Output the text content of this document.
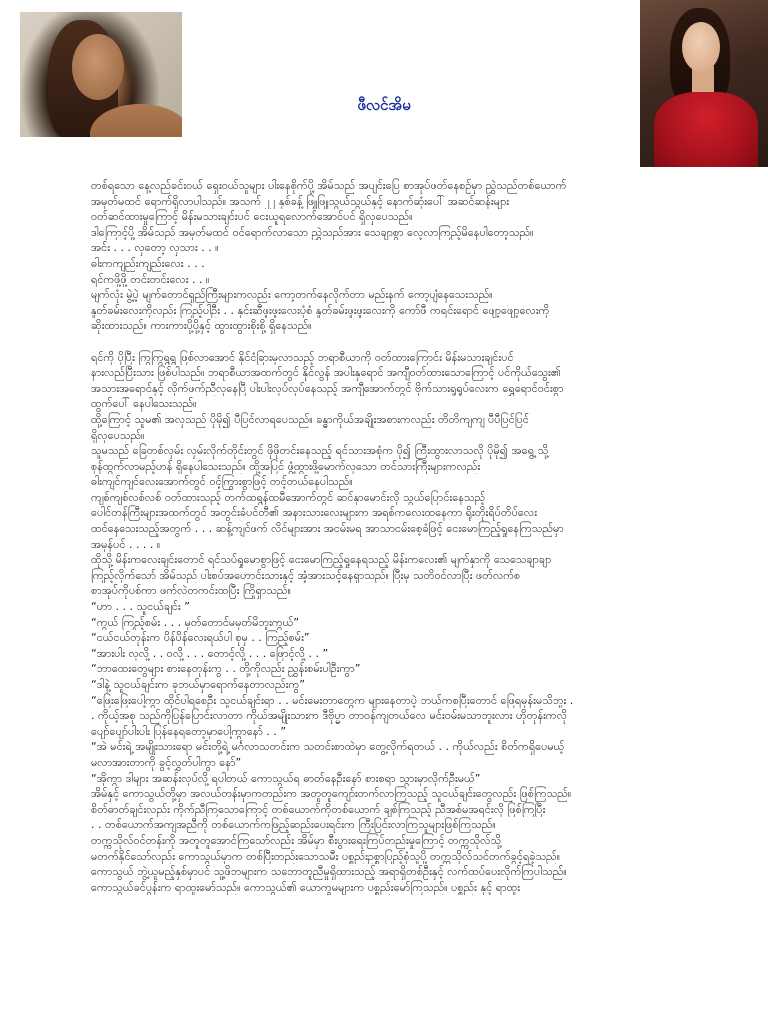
ဖီလင်အိမ
တစ်ရသော နေ့လည်ခင်းဝယ် ရှေးဝယ်သူများ ပါးနေစိုက်ပို့ အိမ်သည် အပျင်းပြေ စာအုပ်ဖတ်နေစဉ်မှာ ညွှဲသည်တစ်ယောက်
အမှတ်မထင် ရောက်ရှိလာပါသည်။ အသက် ၂၂ နှစ်ခန့် ဖြူဖြူသွယ်သွယ်နှင့် နောက်ဆုံးပေါ် အဆင်ဆန်းများ
ဝတ်ဆင်ထားမှုကြောင့် မိန်းမသားချင်းပင် ငေးယူရလောက်အောင်ပင် ရှိလှပေသည်။
ဒါကြောင့်ပို့ အိမ်သည် အမှတ်မထင် ဝင်ရောက်လာသော ညွှဲသည်အား သေချာစွာ လေ့လာကြည့်မိနေပါတော့သည်။
အင်း . . . လှတော့ လှသား . . ။
ဓါးကကျည်းကျည်းလေး . . .
ရင်ကဖို့ဖို့ တင်းတင်းလေး . . ။
မျက်လုံး မွဲ့ပဲ့ မျက်တောင်ရှည်ကြီးများကလည်း ကော့တက်နေလိုက်တာ မည်းနက် ကော့ပျံနေသေးသည်။
နှုတ်ခမ်းလေးကိုလည်း ကြည့်ပါဦး . . နှင်းဆီဖူးဖူးလေးပုံစံ နှုတ်ခမ်းဖူးဖူးလေးကို ကော်ဖီ ကရင်းရောင် ဖျော့ဖျော့လေးကို
ဆိုးထားသည်။ ကားကားပို့ပို့နှင့် ထွားထွားစိုးစို့ ရှိနေသည်။
ရင်ကို ပိုပြီး ကြွကြွရွရွ ဖြစ်လာအောင် နိုင်ငံခြားမှလာသည့် ဘရာစီယာကို ဝတ်ထားကြောင်း မိန်းမသားချင်းပင်
နားလည်ပြီးသား ဖြစ်ပါသည်။ ဘရာစီယာအထက်တွင် နိုင်လွန် အပါးနှရောင် အကျီဝတ်ထားသောကြောင့် ပင်ကိုယ်သွေး၏
အသားအရောင်နှင့် လိုက်ဖက်ညီလှနေပြီ ပါးပါးလုပ်လုပ်နေသည့် အကျီအောက်တွင် ဗိုက်သားရှုရှုပ်လေးက ရွှေရောင်ဝင်းစွာ
ထွက်ပေါ် နေပါသေးသည်။
ထို့ကြောင့် သူမ၏ အလှသည် ပိုမို၍ ပီပြင်လာရပေသည်။ ခန္ဓာကိုယ်အချိုးအစားကလည်း တိတိကျကျ ပီပီပြင်ပြင်
ရှိလှပေသည်။
သူမသည် ခြေတစ်လှမ်း လှမ်းလိုက်တိုင်းတွင် ဖိုဖိုတင်းနေသည့် ရင်သားအစုံက ပို၍ ကြီးထွားလာသလို ပိုမို၍ အရွေ့ သို့
စုန်ထွက်လာမည့်ဟန် ရှိနေပါသေးသည်။ ထို့အပြင် ဖွံ့ထွားဖို့မောက်လှသော တင်သားကြီးများကလည်း
ဓါးကျင်ကျင်လေးအောက်တွင် ဝင့်ကြွားစွာဖြင့် တင့်တယ်နေပါသည်။
ကျစ်ကျစ်လစ်လစ် ဝတ်ထားသည့် တက်ထရွန်ထမီအောက်တွင် ဆင်နှာမောင်းလို သွယ်ပြောင်းနေသည့်
ပေါင်တန်ကြီးများအထက်တွင် အတွင်းခံပင်တီ၏ အနားသားလေးများက အရစ်ကလေးထနေကာ ရိုးတိုးရိပ်တိပ်လေး
ထင်နေသေးသည့်အတွက် . . . ဆန့်ကျင်ဖက် လိင်များအား အငမ်းမရ အာသာငမ်းစေ့ခံဖြင့် ငေးမောကြည့်ရှုနေကြသည်မှာ
အမှန်ပင် . . . . ။
ထိုသို့ မိန်းကလေးချင်းတောင် ရင်သပ်ရှုမောစွာဖြင့် ငေးမောကြည့်ရှုနေရသည့် မိန်းကလေး၏ မျက်နှာကို သေသေချာချာ
ကြည့်လိုက်သော် အိမ်သည် ပါးစပ်အဟောင်းသားနှင့် အံ့အားသင့်နေရှာသည်။ ပြီးမှ သတိဝင်လာပြီး ဖတ်လက်စ
စာအုပ်ကိုပစ်ကာ ဖက်လဲတကင်းထပြီး ကြိုရှာသည်။
“ဟာ . . . သူငယ်ချင်း ”
“ကွယ် ကြည့်စမ်း . . . မှတ်တောင်မမှတ်မိဘူးကွယ်”
“ငယ်ငယ်တုန်းက ပိန်ပိန်လေးရယ်ပါ စုမှ . . ကြည့်စမ်း”
“အားပါး လှလို့ . . ဝလို့ . . . တောင့်လို့ . . . ဖြောင့်လို့ . . ”
“ဘာထေးတွေများ စားနေတုန်းကွ . . တို့ကိုလည်း ညွှန်းစမ်းပါဦးကွာ”
“ဒါနဲ့ သူငယ်ချင်းက ခုဘယ်မှာရောက်နေတာလည်းကွ”
“ဖြေးဖြေးပေါ့ကွာ ထိုင်ပါရစေဦး သူငယ်ချင်းရာ . . မင်းမေးတာတွေက များနေတာပဲ့ ဘယ်ကစပြီးတောင် ဖြေရမှန်းမသိဘူး .
. ကိုယ့်အစု သည်ကိုပြန်ပြောင်းလာတာ ကိုယ်အမျိုးသားက ဒီဗိုပ္မာ တာဝန်ကျတယ်လေ မင်းဝမ်းမသာဘူးလား ဟိုတုန်းကလို
ပျော်ပျော်ပါးပါး ပြန်နေရတော့မှာပေါ့ကွာနော် . . ”
“အဲ မင်းရဲ့ အမျိုးသားရော မင်းတို့ရဲ့ မင်္ဂလာသတင်းက သတင်းစာထဲမှာ တွေ့လိုက်ရတယ် . . ကိုယ်လည်း စိတ်ကရှိပေမယ့်
မလာအားတာကို ခွင့်လွှတ်ပါကွာ နော်”
“အိုကွာ ဒါများ အဆန်းလုပ်လို့ ရပါတယ် ကောသွယ်ရ ဓာတ်နေဦးနော် စားစရာ သွားမှာလိုက်ဦးမယ်”
အိမ်နှင့် ကောသွယ်တို့မှာ အလယ်တန်းမှာကတည်းက အတူတူကျော်းတက်လာကြသည့် သူငယ်ချင်းတွေလည်း ဖြစ်ကြသည်။
စိတ်ဓာတ်ချင်းလည်း ကိုက်ညီကြသောကြောင့် တစ်ယောက်ကိုတစ်ယောက် ချစ်ကြသည့် ညီအစ်မအရင်းလို ဖြစ်ကြပြီး
. . တစ်ယောက်အကျအညီကို တစ်ယောက်ကဖြည့်ဆည်းပေးရင်းက ကြီးပြင်းလာကြသူများဖြစ်ကြသည်။
တက္ကသိုလ်ဝင်တန်းကို အတူတူအောင်ကြသော်လည်း အိမ်မှာ စီးပွားရေးကြပ်တည်းမှုကြောင့် တက္ကသိုလ်သို့
မတက်နိုင်သော်လည်း ကောသွယ်မှာက တစ်ပြီးတည်းသောသမီး ပစ္စည်းဥစ္စာပြည့်စုံသူပို့ တက္ကသိုလ်သင်တက်ခွင့်ရခဲ့သည်။
ကောသွယ် ဘွဲ့ယူမည့်နှစ်မှာပင် သူ့ဖိဘများက သဘောတူညီမှုရှိထားသည့် အရာရှိတစ်ဦးနှင့် လက်ထပ်ပေးလိုက်ကြပါသည်။
ကောသွယ်ခင်ပွန်းက ရာထူးမော်သည်။ ကောသွယ်၏ ယောက္ခမများက ပစ္စည်းမော်ကြသည်။ ပစ္စည်း နှင့် ရာထူး
